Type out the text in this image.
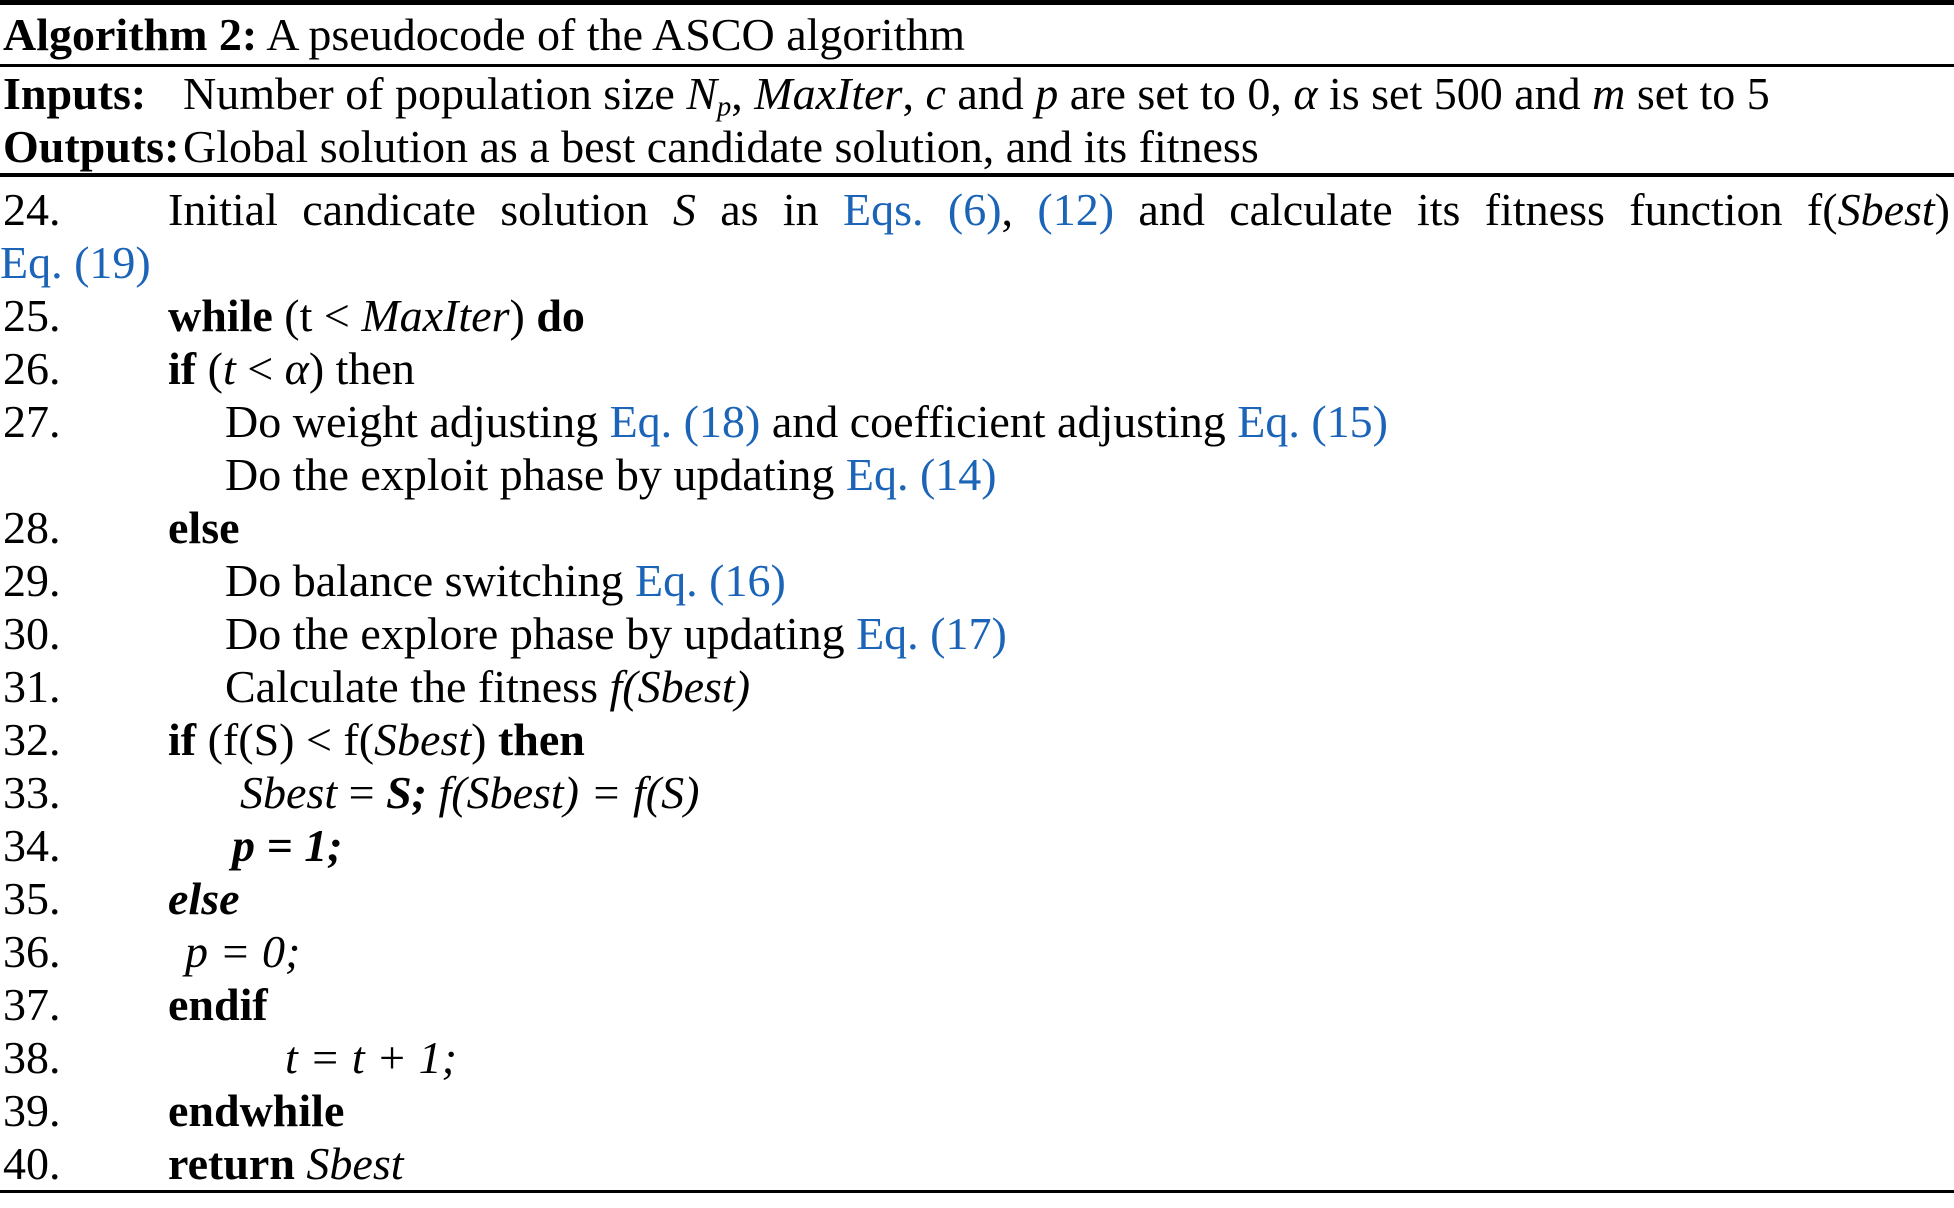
Algorithm 2: A pseudocode of the ASCO algorithm
Inputs: Number of population size Np, MaxIter, c and p are set to 0, α is set 500 and m set to 5
Outputs: Global solution as a best candidate solution, and its fitness
24. Initial candicate solution S as in Eqs. (6), (12) and calculate its fitness function f(Sbest)
Eq. (19)
25. while (t < MaxIter) do
26. if (t < α) then
27.	Do weight adjusting Eq. (18) and coefficient adjusting Eq. (15)
Do the exploit phase by updating Eq. (14)
28. else
29.	Do balance switching Eq. (16)
30.	Do the explore phase by updating Eq. (17)
31.	Calculate the fitness f(Sbest)
32. if (f(S) < f(Sbest) then
33.	Sbest = S; f(Sbest) = f(S)
34.	p = 1;
35. else
36.	p = 0;
37. endif
38.	t = t + 1;
39. endwhile
40. return Sbest
